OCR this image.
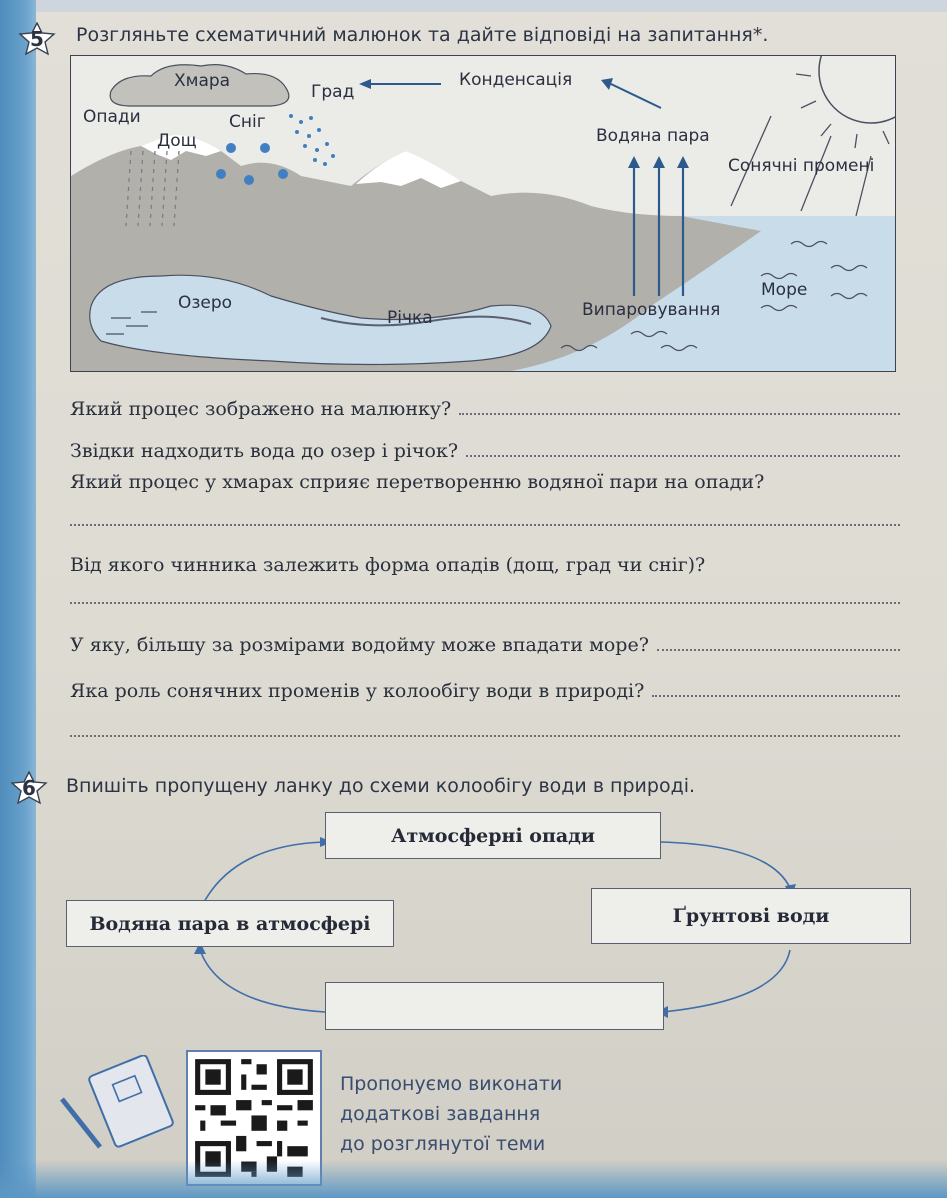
5 Розгляньте схематичний малюнок та дайте відповіді на запитання*.
Хмара
Град
Конденсація
Опади
Дощ
Сніг
Водяна пара
Сонячні промені
Озеро
Річка	Випаровування
Море
Який процес зображено на малюнку?
Звідки надходить вода до озер і річок?
Який процес у хмарах сприяє перетворенню водяної пари на опади?
Від якого чинника залежить форма опадів (дощ, град чи сніг)?
У яку, більшу за розмірами водойму може впадати море?
Яка роль сонячних променів у колообігу води в природі?
6 Впишіть пропущену ланку до схеми колообігу води в природі.
Атмосферні опади
Водяна пара в атмосфері	Ґрунтові води
Пропонуємо виконати
додаткові завдання
до розглянутої теми
